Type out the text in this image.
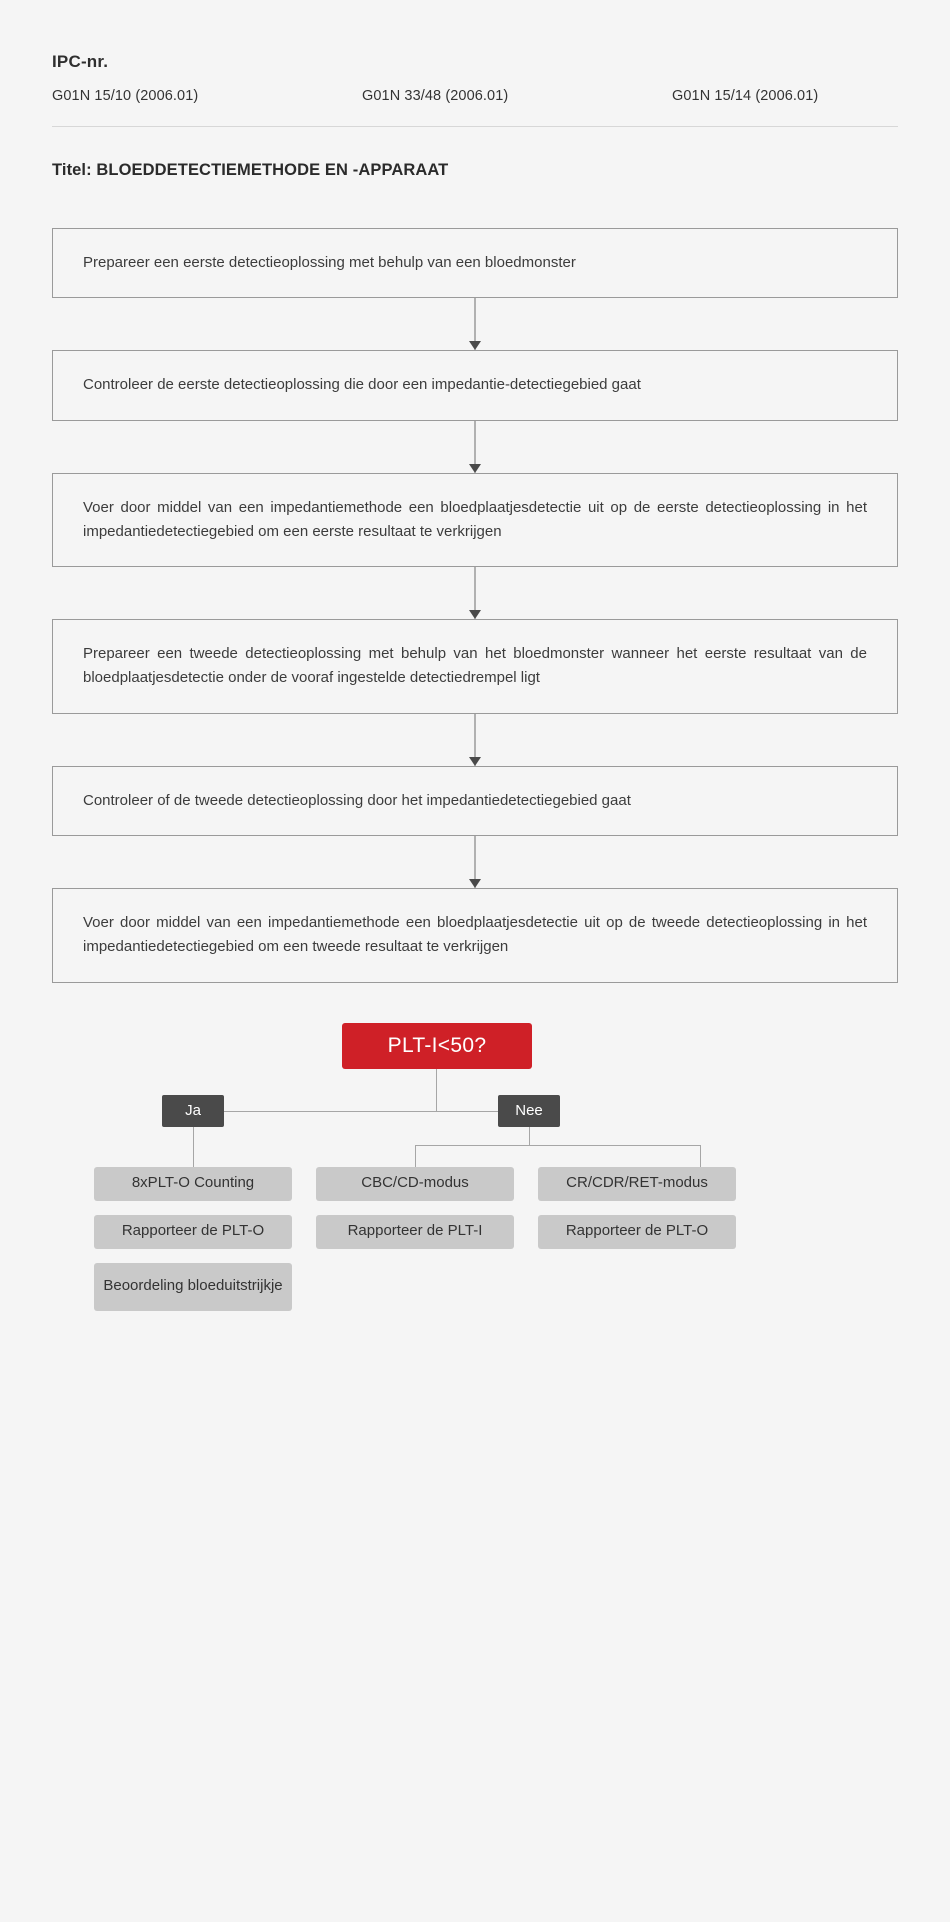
IPC-nr.
G01N 15/10 (2006.01)	G01N 33/48 (2006.01)	G01N 15/14 (2006.01)
Titel: BLOEDDETECTIEMETHODE EN -APPARAAT
Prepareer een eerste detectieoplossing met behulp van een bloedmonster
Controleer de eerste detectieoplossing die door een impedantie-detectiegebied gaat
Voer door middel van een impedantiemethode een bloedplaatjesdetectie uit op de eerste detectieoplossing in het impedantiedetectiegebied om een eerste resultaat te verkrijgen
Prepareer een tweede detectieoplossing met behulp van het bloedmonster wanneer het eerste resultaat van de bloedplaatjesdetectie onder de vooraf ingestelde detectiedrempel ligt
Controleer of de tweede detectieoplossing door het impedantiedetectiegebied gaat
Voer door middel van een impedantiemethode een bloedplaatjesdetectie uit op de tweede detectieoplossing in het impedantiedetectiegebied om een tweede resultaat te verkrijgen
PLT-I<50?
Ja	Nee
8xPLT-O Counting
Rapporteer de PLT-O
Beoordeling bloeduitstrijkje
CBC/CD-modus
Rapporteer de PLT-I
CR/CDR/RET-modus
Rapporteer de PLT-O
